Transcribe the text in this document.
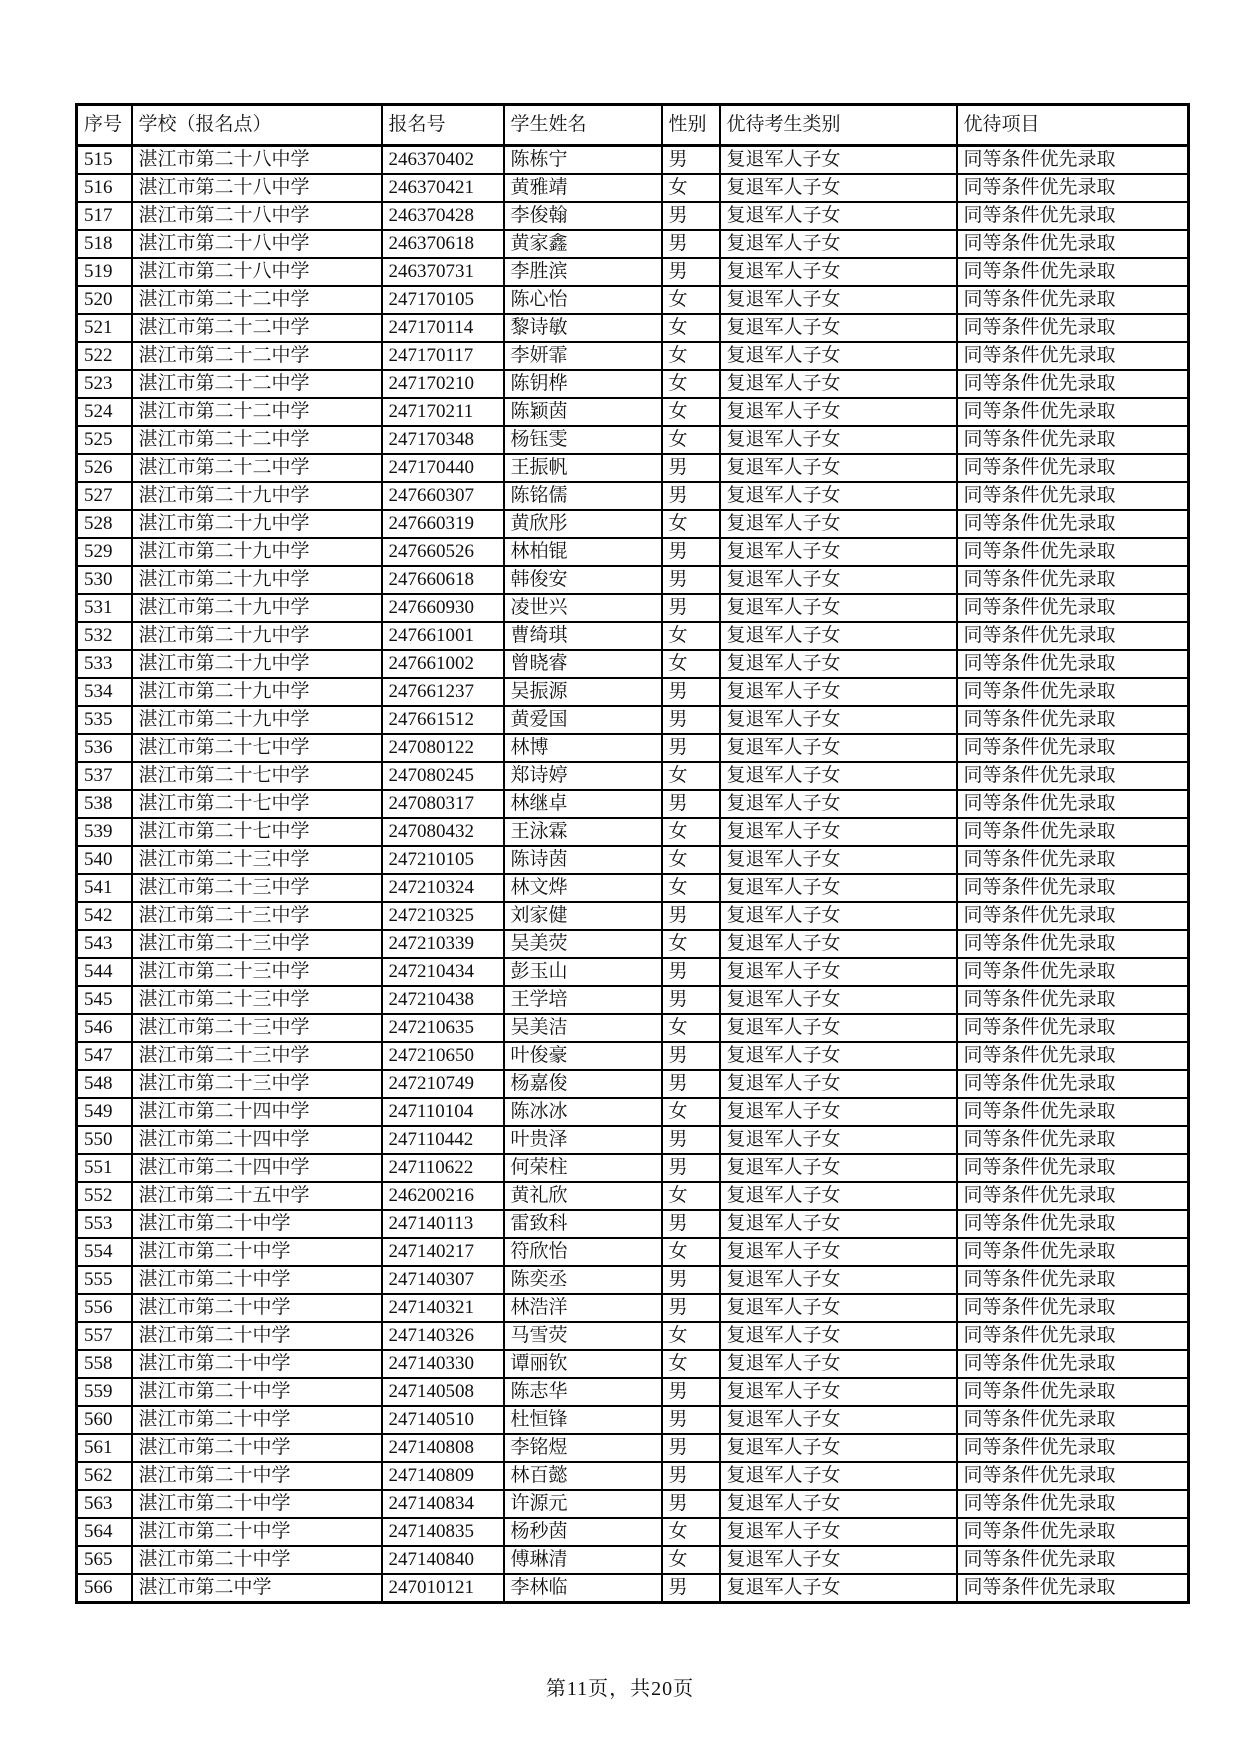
序号	学校（报名点）	报名号	学生姓名	性别	优待考生类别	优待项目
515	湛江市第二十八中学	246370402	陈栋宁	男	复退军人子女	同等条件优先录取
516	湛江市第二十八中学	246370421	黄雅靖	女	复退军人子女	同等条件优先录取
517	湛江市第二十八中学	246370428	李俊翰	男	复退军人子女	同等条件优先录取
518	湛江市第二十八中学	246370618	黄家鑫	男	复退军人子女	同等条件优先录取
519	湛江市第二十八中学	246370731	李胜滨	男	复退军人子女	同等条件优先录取
520	湛江市第二十二中学	247170105	陈心怡	女	复退军人子女	同等条件优先录取
521	湛江市第二十二中学	247170114	黎诗敏	女	复退军人子女	同等条件优先录取
522	湛江市第二十二中学	247170117	李妍霏	女	复退军人子女	同等条件优先录取
523	湛江市第二十二中学	247170210	陈钥桦	女	复退军人子女	同等条件优先录取
524	湛江市第二十二中学	247170211	陈颖茵	女	复退军人子女	同等条件优先录取
525	湛江市第二十二中学	247170348	杨钰雯	女	复退军人子女	同等条件优先录取
526	湛江市第二十二中学	247170440	王振帆	男	复退军人子女	同等条件优先录取
527	湛江市第二十九中学	247660307	陈铭儒	男	复退军人子女	同等条件优先录取
528	湛江市第二十九中学	247660319	黄欣彤	女	复退军人子女	同等条件优先录取
529	湛江市第二十九中学	247660526	林柏锟	男	复退军人子女	同等条件优先录取
530	湛江市第二十九中学	247660618	韩俊安	男	复退军人子女	同等条件优先录取
531	湛江市第二十九中学	247660930	凌世兴	男	复退军人子女	同等条件优先录取
532	湛江市第二十九中学	247661001	曹绮琪	女	复退军人子女	同等条件优先录取
533	湛江市第二十九中学	247661002	曾晓睿	女	复退军人子女	同等条件优先录取
534	湛江市第二十九中学	247661237	吴振源	男	复退军人子女	同等条件优先录取
535	湛江市第二十九中学	247661512	黄爱国	男	复退军人子女	同等条件优先录取
536	湛江市第二十七中学	247080122	林博	男	复退军人子女	同等条件优先录取
537	湛江市第二十七中学	247080245	郑诗婷	女	复退军人子女	同等条件优先录取
538	湛江市第二十七中学	247080317	林继卓	男	复退军人子女	同等条件优先录取
539	湛江市第二十七中学	247080432	王泳霖	女	复退军人子女	同等条件优先录取
540	湛江市第二十三中学	247210105	陈诗茵	女	复退军人子女	同等条件优先录取
541	湛江市第二十三中学	247210324	林文烨	女	复退军人子女	同等条件优先录取
542	湛江市第二十三中学	247210325	刘家健	男	复退军人子女	同等条件优先录取
543	湛江市第二十三中学	247210339	吴美荧	女	复退军人子女	同等条件优先录取
544	湛江市第二十三中学	247210434	彭玉山	男	复退军人子女	同等条件优先录取
545	湛江市第二十三中学	247210438	王学培	男	复退军人子女	同等条件优先录取
546	湛江市第二十三中学	247210635	吴美洁	女	复退军人子女	同等条件优先录取
547	湛江市第二十三中学	247210650	叶俊豪	男	复退军人子女	同等条件优先录取
548	湛江市第二十三中学	247210749	杨嘉俊	男	复退军人子女	同等条件优先录取
549	湛江市第二十四中学	247110104	陈冰冰	女	复退军人子女	同等条件优先录取
550	湛江市第二十四中学	247110442	叶贵泽	男	复退军人子女	同等条件优先录取
551	湛江市第二十四中学	247110622	何荣柱	男	复退军人子女	同等条件优先录取
552	湛江市第二十五中学	246200216	黄礼欣	女	复退军人子女	同等条件优先录取
553	湛江市第二十中学	247140113	雷致科	男	复退军人子女	同等条件优先录取
554	湛江市第二十中学	247140217	符欣怡	女	复退军人子女	同等条件优先录取
555	湛江市第二十中学	247140307	陈奕丞	男	复退军人子女	同等条件优先录取
556	湛江市第二十中学	247140321	林浩洋	男	复退军人子女	同等条件优先录取
557	湛江市第二十中学	247140326	马雪荧	女	复退军人子女	同等条件优先录取
558	湛江市第二十中学	247140330	谭丽钦	女	复退军人子女	同等条件优先录取
559	湛江市第二十中学	247140508	陈志华	男	复退军人子女	同等条件优先录取
560	湛江市第二十中学	247140510	杜恒锋	男	复退军人子女	同等条件优先录取
561	湛江市第二十中学	247140808	李铭煜	男	复退军人子女	同等条件优先录取
562	湛江市第二十中学	247140809	林百懿	男	复退军人子女	同等条件优先录取
563	湛江市第二十中学	247140834	许源元	男	复退军人子女	同等条件优先录取
564	湛江市第二十中学	247140835	杨秒茵	女	复退军人子女	同等条件优先录取
565	湛江市第二十中学	247140840	傅琳清	女	复退军人子女	同等条件优先录取
566	湛江市第二中学	247010121	李林临	男	复退军人子女	同等条件优先录取
第11页，共20页
